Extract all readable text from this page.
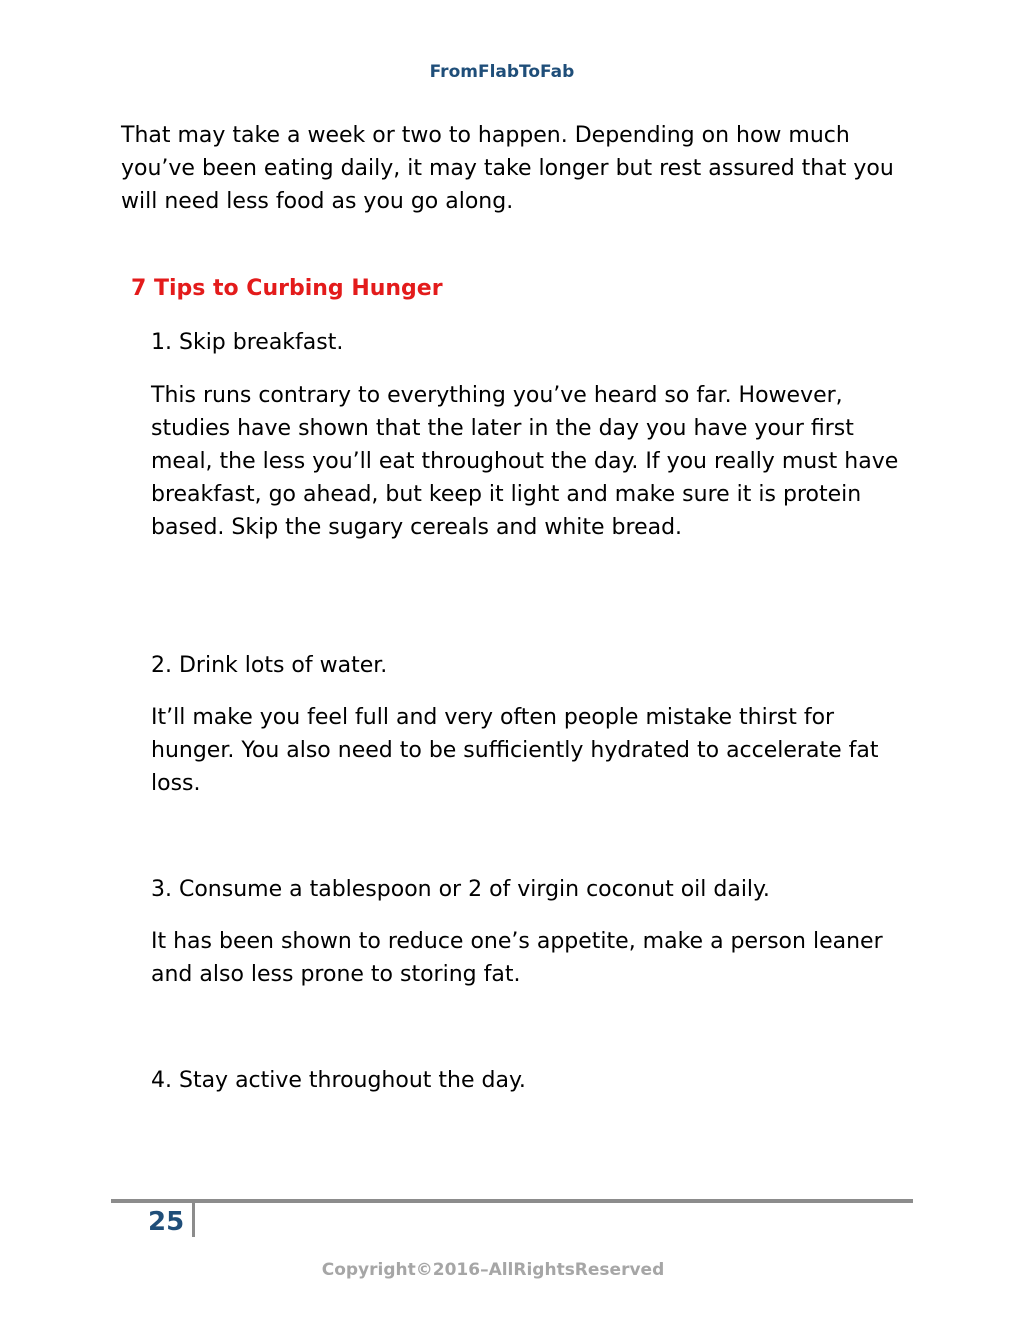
FromFlabToFab

That may take a week or two to happen. Depending on how much you’ve been eating daily, it may take longer but rest assured that you will need less food as you go along.

7 Tips to Curbing Hunger

1. Skip breakfast.

This runs contrary to everything you’ve heard so far. However, studies have shown that the later in the day you have your first meal, the less you’ll eat throughout the day. If you really must have breakfast, go ahead, but keep it light and make sure it is protein based. Skip the sugary cereals and white bread.

2. Drink lots of water.

It’ll make you feel full and very often people mistake thirst for hunger. You also need to be sufficiently hydrated to accelerate fat loss.

3. Consume a tablespoon or 2 of virgin coconut oil daily.

It has been shown to reduce one’s appetite, make a person leaner and also less prone to storing fat.

4. Stay active throughout the day.

25
Copyright©2016–AllRightsReserved
